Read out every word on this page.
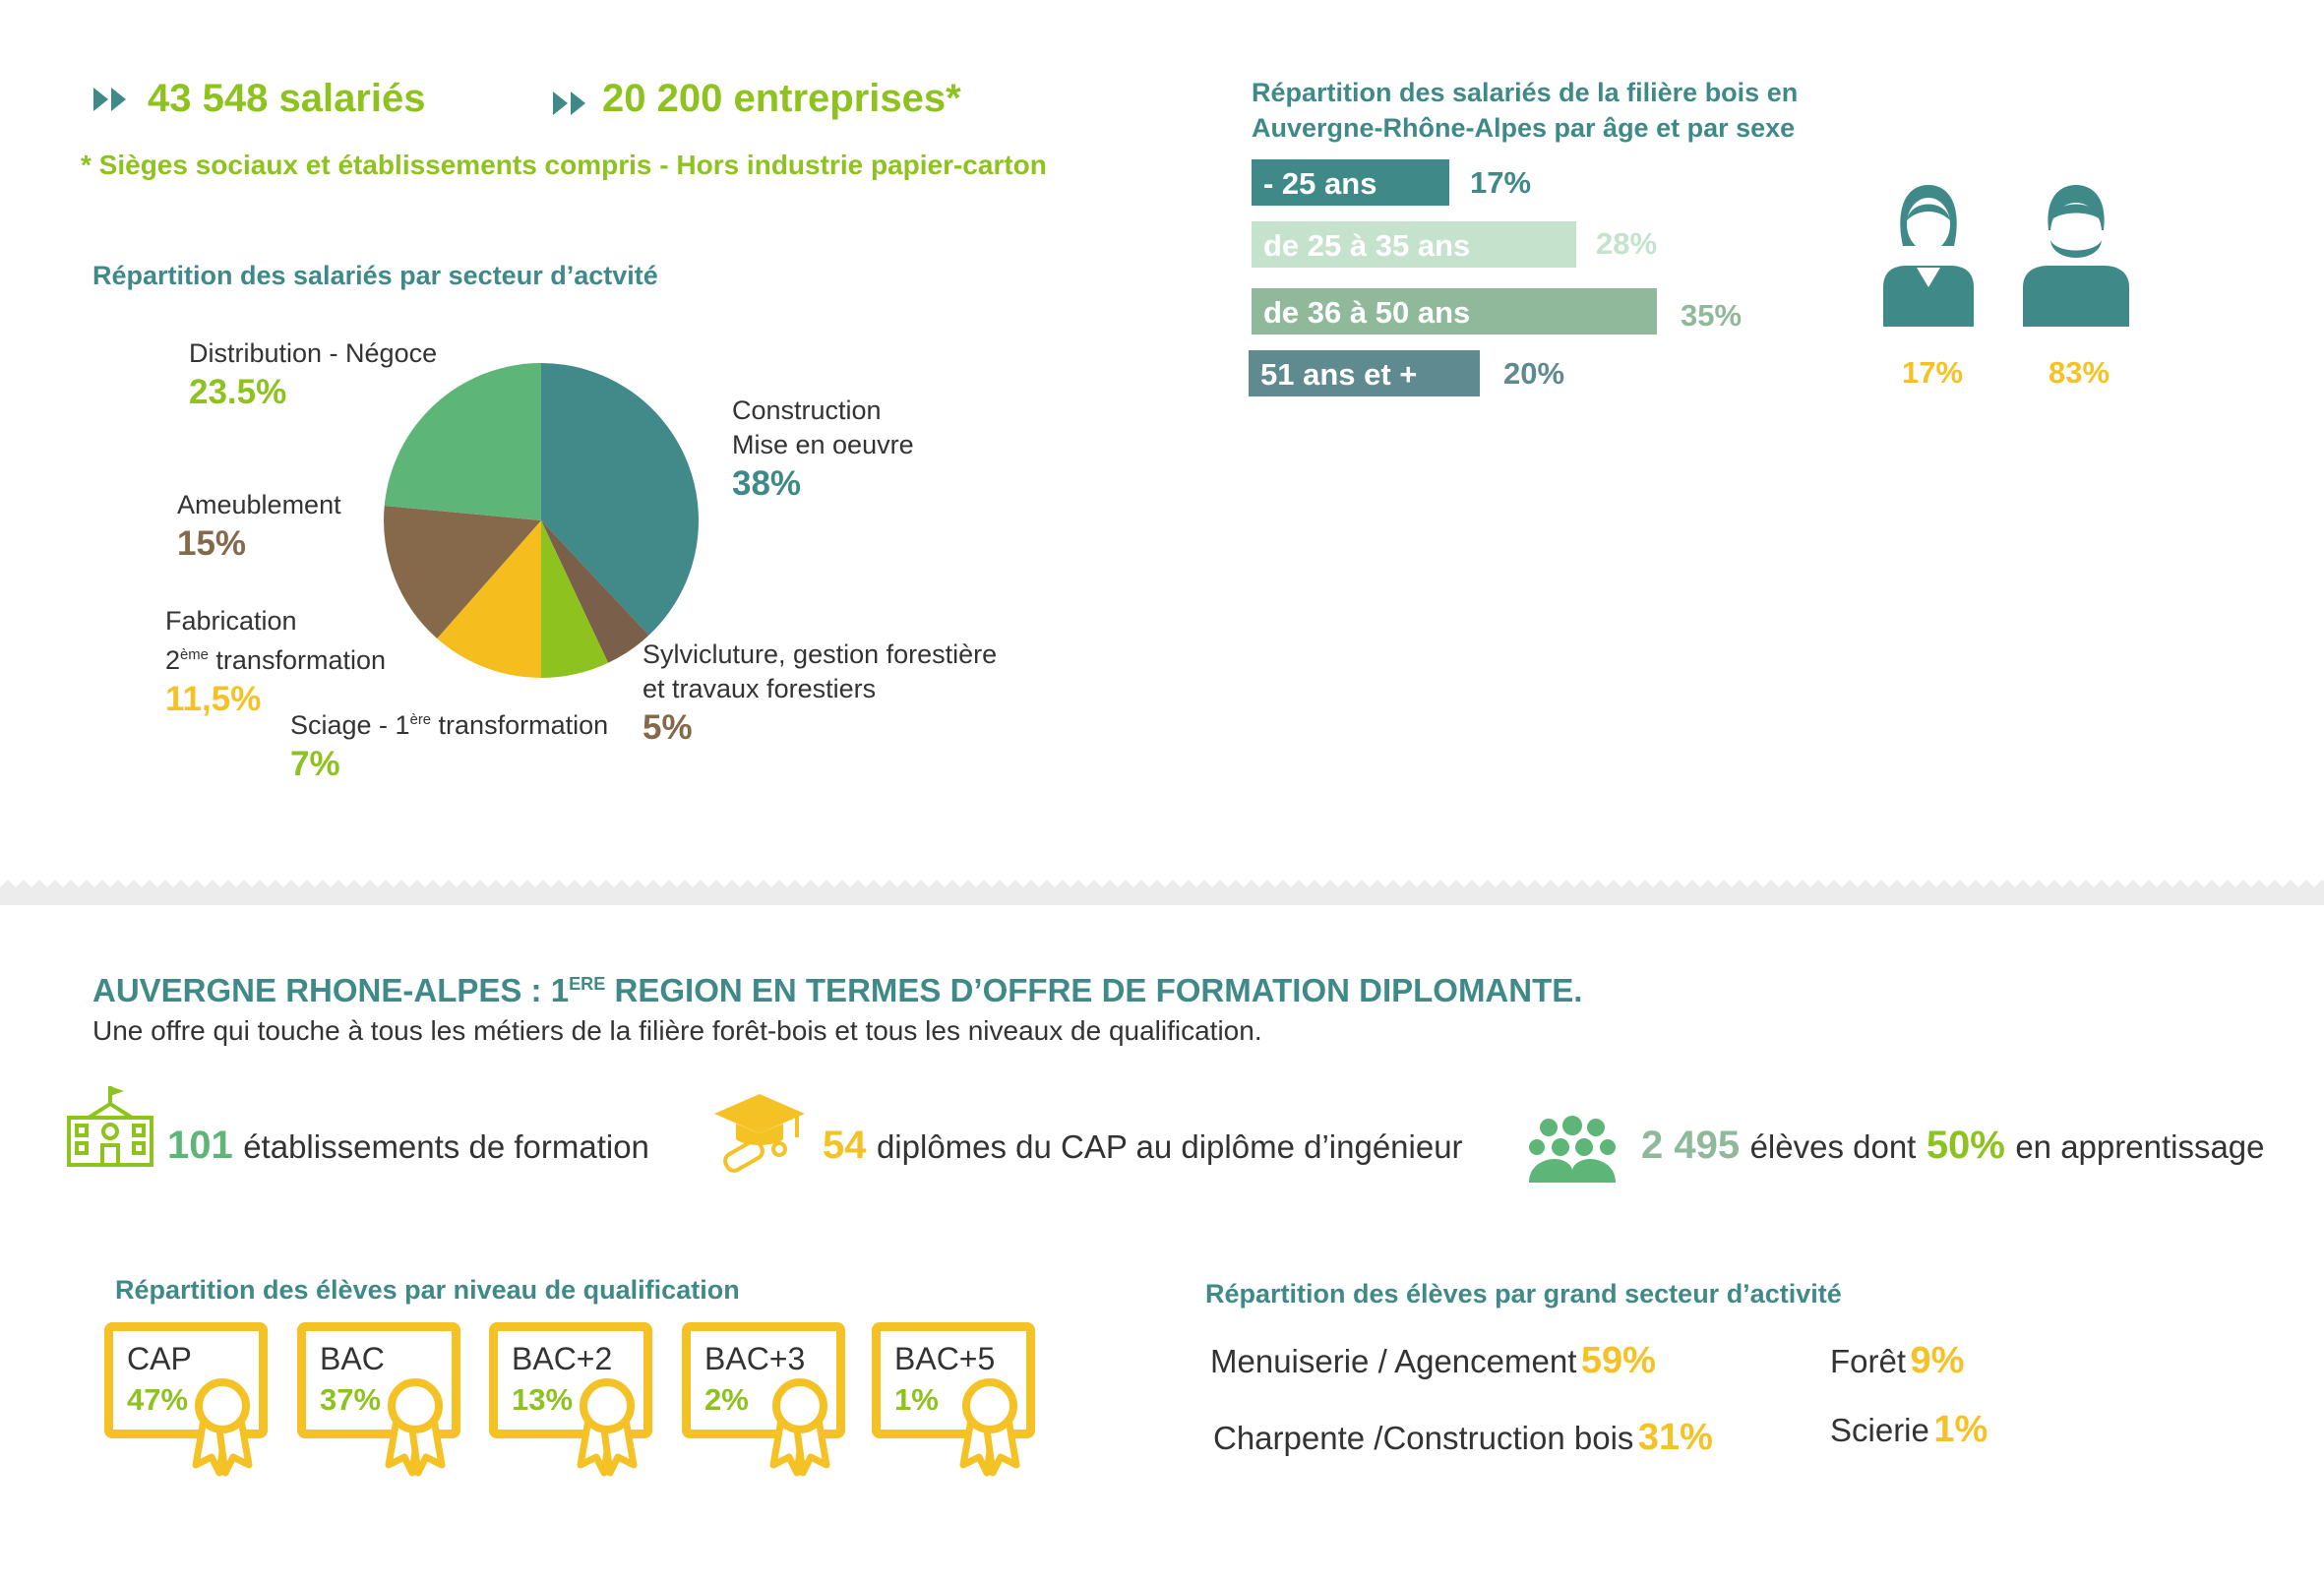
43 548 salariés	20 200 entreprises*
* Sièges sociaux et établissements compris - Hors industrie papier-carton
Répartition des salariés par secteur d’actvité
Distribution - Négoce
23.5%	Construction
Mise en oeuvre
38%
Ameublement
15%
Fabrication
2ème transformation
11,5%
Sciage - 1ère transformation
7%
Sylvicluture, gestion forestière
et travaux forestiers
5%
Répartition des salariés de la filière bois en
Auvergne-Rhône-Alpes par âge et par sexe
- 25 ans	17%
de 25 à 35 ans	28%
de 36 à 50 ans	35%
51 ans et +	20%	17%	83%
AUVERGNE RHONE-ALPES : 1ERE REGION EN TERMES D’OFFRE DE FORMATION DIPLOMANTE.
Une offre qui touche à tous les métiers de la filière forêt-bois et tous les niveaux de qualification.
101 établissements de formation	54 diplômes du CAP au diplôme d’ingénieur	2 495 élèves dont 50% en apprentissage
Répartition des élèves par niveau de qualification
CAP
47%
BAC
37%
BAC+2
13%
BAC+3
2%
BAC+5
1%
Répartition des élèves par grand secteur d’activité
Menuiserie / Agencement 59%
Charpente /Construction bois 31%
Forêt 9%
Scierie 1%
